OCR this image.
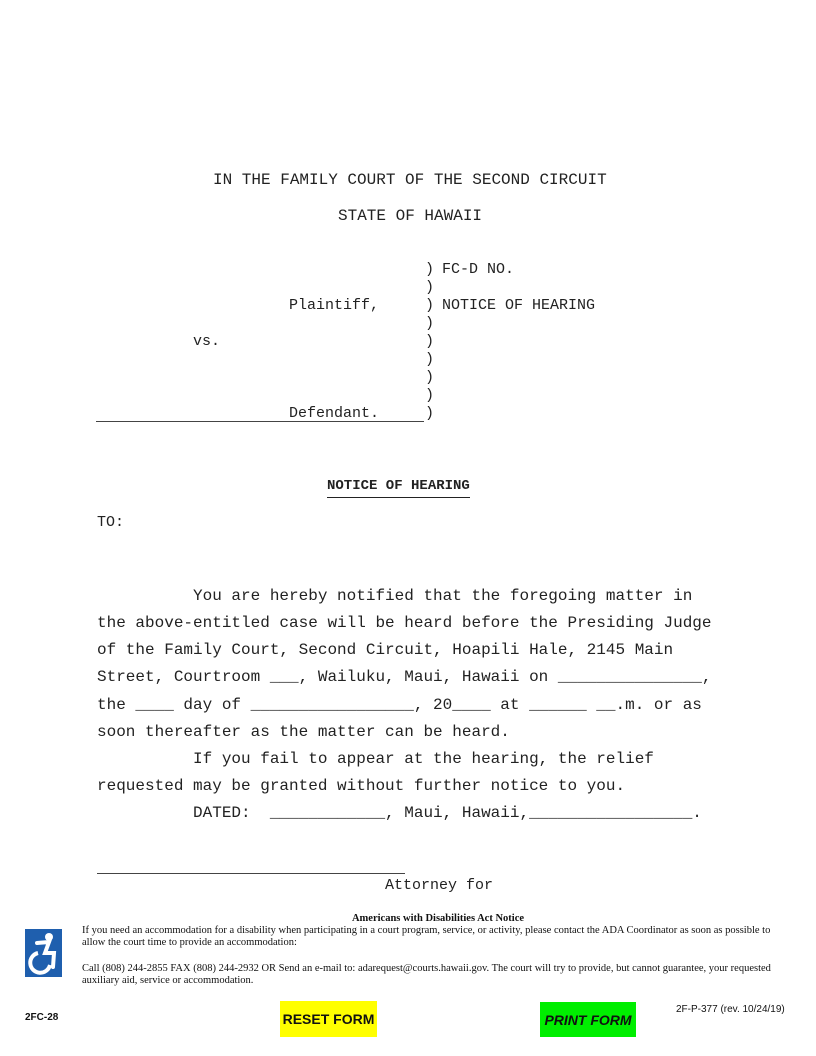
IN THE FAMILY COURT OF THE SECOND CIRCUIT
STATE OF HAWAII
)
)
)
)
)
)
)
)
)
FC-D NO.
NOTICE OF HEARING
Plaintiff,
vs.
Defendant.
NOTICE OF HEARING
TO:
You are hereby notified that the foregoing matter in
the above-entitled case will be heard before the Presiding Judge
of the Family Court, Second Circuit, Hoapili Hale, 2145 Main
Street, Courtroom ___, Wailuku, Maui, Hawaii on _______________,
the ____ day of _________________, 20____ at ______ __.m. or as
soon thereafter as the matter can be heard.
If you fail to appear at the hearing, the relief
requested may be granted without further notice to you.
DATED:  ____________, Maui, Hawaii,_________________.
Attorney for
Americans with Disabilities Act Notice
If you need an accommodation for a disability when participating in a court program, service, or activity, please contact the ADA Coordinator as soon as possible to allow the court time to provide an accommodation:
Call (808) 244-2855 FAX (808) 244-2932 OR Send an e-mail to: adarequest@courts.hawaii.gov. The court will try to provide, but cannot guarantee, your requested auxiliary aid, service or accommodation.
2FC-28	RESET FORM	PRINT FORM
2F-P-377 (rev. 10/24/19)
